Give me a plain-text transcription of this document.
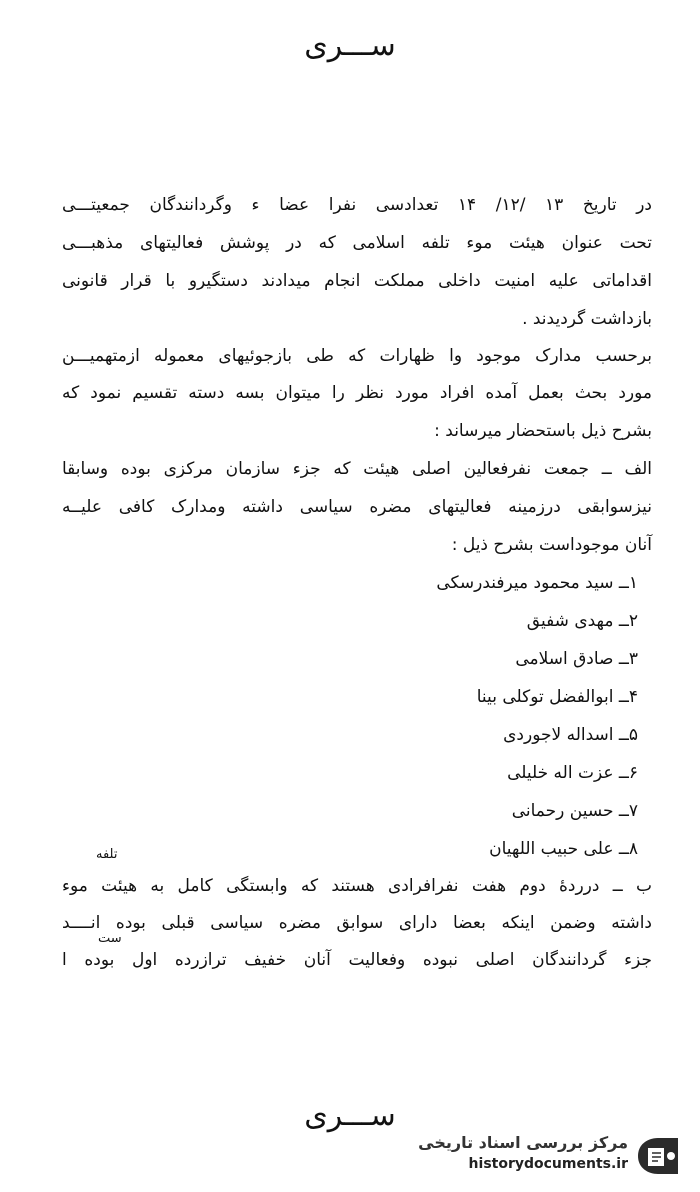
ســـری
در تاریخ ۱۳ /۱۲/ ۱۴ تعدادسی نفرا عضا ء وگردانندگان جمعیتـــی
تحت عنوان هیئت موء تلفه اسلامی که در پوشش فعالیتهای مذهبـــی
اقداماتی علیه امنیت داخلی مملکت انجام میدادند دستگیرو با قرار قانونی
بازداشت گردیدند .
برحسب مدارک موجود وا ظهارات که طی بازجوئیهای معموله ازمتهمیـــن
مورد بحث بعمل آمده افراد مورد نظر را میتوان بسه دسته تقسیم نمود که
بشرح ذیل باستحضار میرساند :
الف ــ جمعت نفرفعالین اصلی هیئت که جزء سازمان مرکزی بوده وسابقا
نیزسوابقی درزمینه فعالیتهای مضره سیاسی داشته ومدارک کافی علیــه
آنان موجوداست بشرح ذیل :
۱ــ سید محمود میرفندرسکی
۲ــ مهدی شفیق
۳ــ صادق اسلامی
۴ــ ابوالفضل توکلی بینا
۵ــ اسداله لاجوردی
۶ــ عزت اله خلیلی
۷ــ حسین رحمانی
۸ــ علی حبیب اللهیان
تلفه
ب ــ درردهٔ دوم هفت نفرافرادی هستند که وابستگی کامل به هیئت موء
داشته وضمن اینکه بعضا دارای سوابق مضره سیاسی قبلی بوده انــــد
ست
جزء گردانندگان اصلی نبوده وفعالیت آنان خفیف ترازرده اول بوده ا
ســـری
مرکز بررسی اسناد تاریخی
historydocuments.ir
